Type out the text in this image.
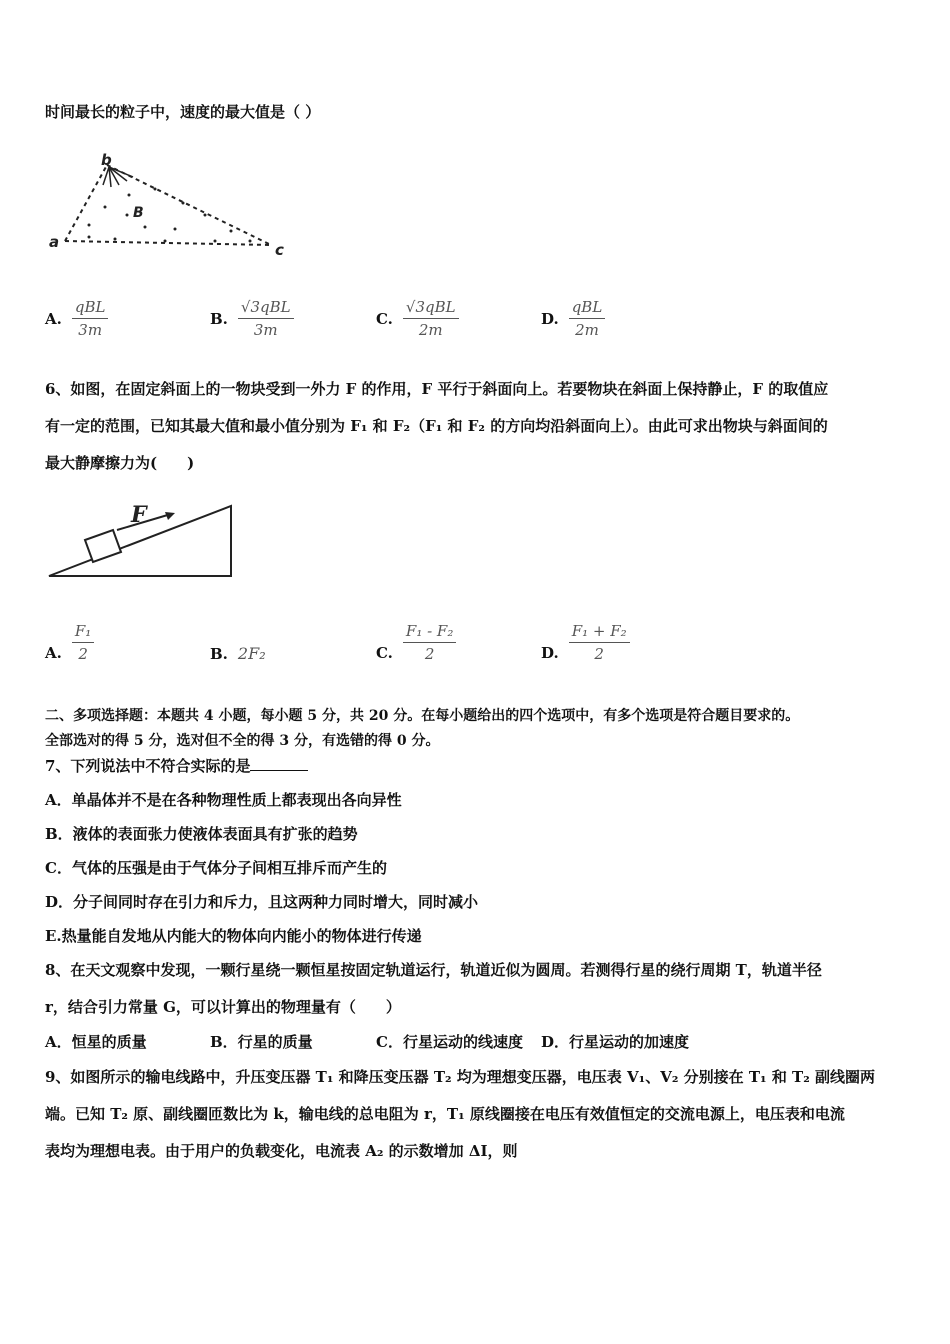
时间最长的粒子中，速度的最大值是（ ）
a
b
c
B
A. $\frac{\text{qBL}}{3m}$	B. $\frac{\text{√3qBL}}{3m}$	C. $\frac{\text{√3qBL}}{2m}$	D. $\frac{\text{qBL}}{2m}$
6、如图，在固定斜面上的一物块受到一外力 F 的作用，F 平行于斜面向上。若要物块在斜面上保持静止，F 的取值应
有一定的范围，已知其最大值和最小值分别为 F₁ 和 F₂（F₁ 和 F₂ 的方向均沿斜面向上）。由此可求出物块与斜面间的
最大静摩擦力为(　　)
F
A. $\frac{\text{F₁}}{2}$	B. 2F₂	C. $\frac{\text{F₁ - F₂}}{2}$	D. $\frac{\text{F₁ + F₂}}{2}$
二、多项选择题：本题共 4 小题，每小题 5 分，共 20 分。在每小题给出的四个选项中，有多个选项是符合题目要求的。
全部选对的得 5 分，选对但不全的得 3 分，有选错的得 0 分。
7、下列说法中不符合实际的是
A．单晶体并不是在各种物理性质上都表现出各向异性
B．液体的表面张力使液体表面具有扩张的趋势
C．气体的压强是由于气体分子间相互排斥而产生的
D．分子间同时存在引力和斥力，且这两种力同时增大，同时减小
E.热量能自发地从内能大的物体向内能小的物体进行传递
8、在天文观察中发现，一颗行星绕一颗恒星按固定轨道运行，轨道近似为圆周。若测得行星的绕行周期 T，轨道半径
r，结合引力常量 G，可以计算出的物理量有（　　）
A．恒星的质量	B．行星的质量	C．行星运动的线速度 D．行星运动的加速度
9、如图所示的输电线路中，升压变压器 T₁ 和降压变压器 T₂ 均为理想变压器，电压表 V₁、V₂ 分别接在 T₁ 和 T₂ 副线圈两
端。已知 T₂ 原、副线圈匝数比为 k，输电线的总电阻为 r，T₁ 原线圈接在电压有效值恒定的交流电源上，电压表和电流
表均为理想电表。由于用户的负载变化，电流表 A₂ 的示数增加 ΔI，则
